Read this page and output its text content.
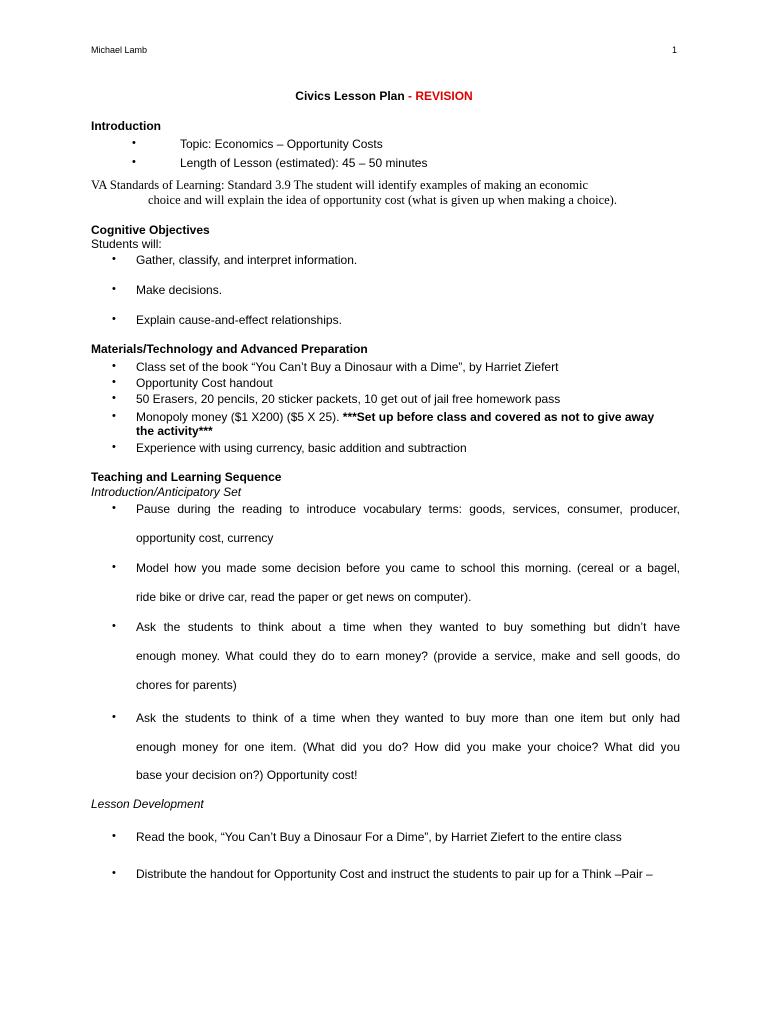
Michael Lamb	1
Civics Lesson Plan - REVISION
Introduction
•	Topic: Economics – Opportunity Costs
•	Length of Lesson (estimated): 45 – 50 minutes
VA Standards of Learning: Standard 3.9 The student will identify examples of making an economic
choice and will explain the idea of opportunity cost (what is given up when making a choice).
Cognitive Objectives
Students will:
•	Gather, classify, and interpret information.
•	Make decisions.
•	Explain cause-and-effect relationships.
Materials/Technology and Advanced Preparation
•	Class set of the book “You Can’t Buy a Dinosaur with a Dime”, by Harriet Ziefert
•	Opportunity Cost handout
•	50 Erasers, 20 pencils, 20 sticker packets, 10 get out of jail free homework pass
•	Monopoly money ($1 X200) ($5 X 25). ***Set up before class and covered as not to give away
the activity***
•	Experience with using currency, basic addition and subtraction
Teaching and Learning Sequence
Introduction/Anticipatory Set
•	Pause during the reading to introduce vocabulary terms: goods, services, consumer, producer,
opportunity cost, currency
•	Model how you made some decision before you came to school this morning. (cereal or a bagel,
ride bike or drive car, read the paper or get news on computer).
•	Ask the students to think about a time when they wanted to buy something but didn’t have
enough money. What could they do to earn money? (provide a service, make and sell goods, do
chores for parents)
•	Ask the students to think of a time when they wanted to buy more than one item but only had
enough money for one item. (What did you do? How did you make your choice? What did you
base your decision on?) Opportunity cost!
Lesson Development
•	Read the book, “You Can’t Buy a Dinosaur For a Dime”, by Harriet Ziefert to the entire class
•	Distribute the handout for Opportunity Cost and instruct the students to pair up for a Think –Pair –
